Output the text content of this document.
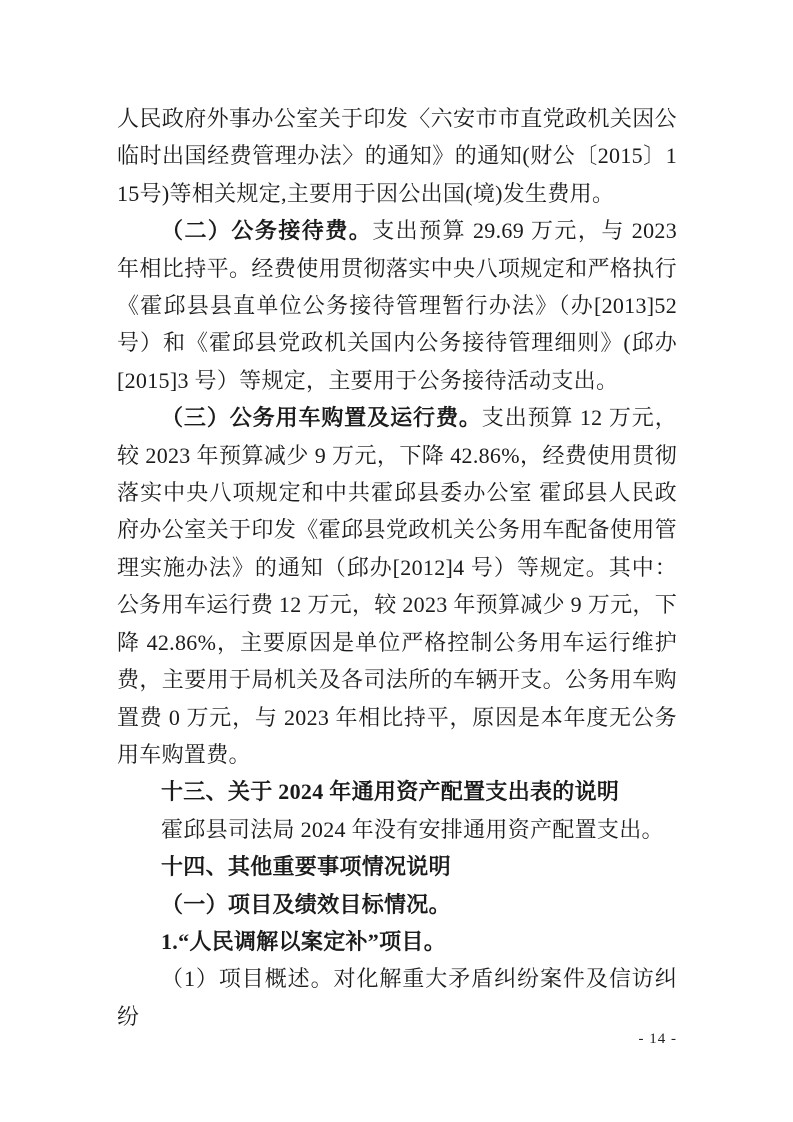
人民政府外事办公室关于印发〈六安市市直党政机关因公临时出国经费管理办法〉的通知》的通知(财公〔2015〕115号)等相关规定,主要用于因公出国(境)发生费用。

（二）公务接待费。支出预算 29.69 万元，与 2023 年相比持平。经费使用贯彻落实中央八项规定和严格执行《霍邱县县直单位公务接待管理暂行办法》（办[2013]52 号）和《霍邱县党政机关国内公务接待管理细则》(邱办[2015]3 号）等规定，主要用于公务接待活动支出。

（三）公务用车购置及运行费。支出预算 12 万元，较 2023 年预算减少 9 万元，下降 42.86%，经费使用贯彻落实中央八项规定和中共霍邱县委办公室 霍邱县人民政府办公室关于印发《霍邱县党政机关公务用车配备使用管理实施办法》的通知（邱办[2012]4 号）等规定。其中：公务用车运行费 12 万元，较 2023 年预算减少 9 万元，下降 42.86%，主要原因是单位严格控制公务用车运行维护费，主要用于局机关及各司法所的车辆开支。公务用车购置费 0 万元，与 2023 年相比持平，原因是本年度无公务用车购置费。

十三、关于 2024 年通用资产配置支出表的说明

霍邱县司法局 2024 年没有安排通用资产配置支出。

十四、其他重要事项情况说明

（一）项目及绩效目标情况。

1.“人民调解以案定补”项目。

（1）项目概述。对化解重大矛盾纠纷案件及信访纠纷

- 14 -
